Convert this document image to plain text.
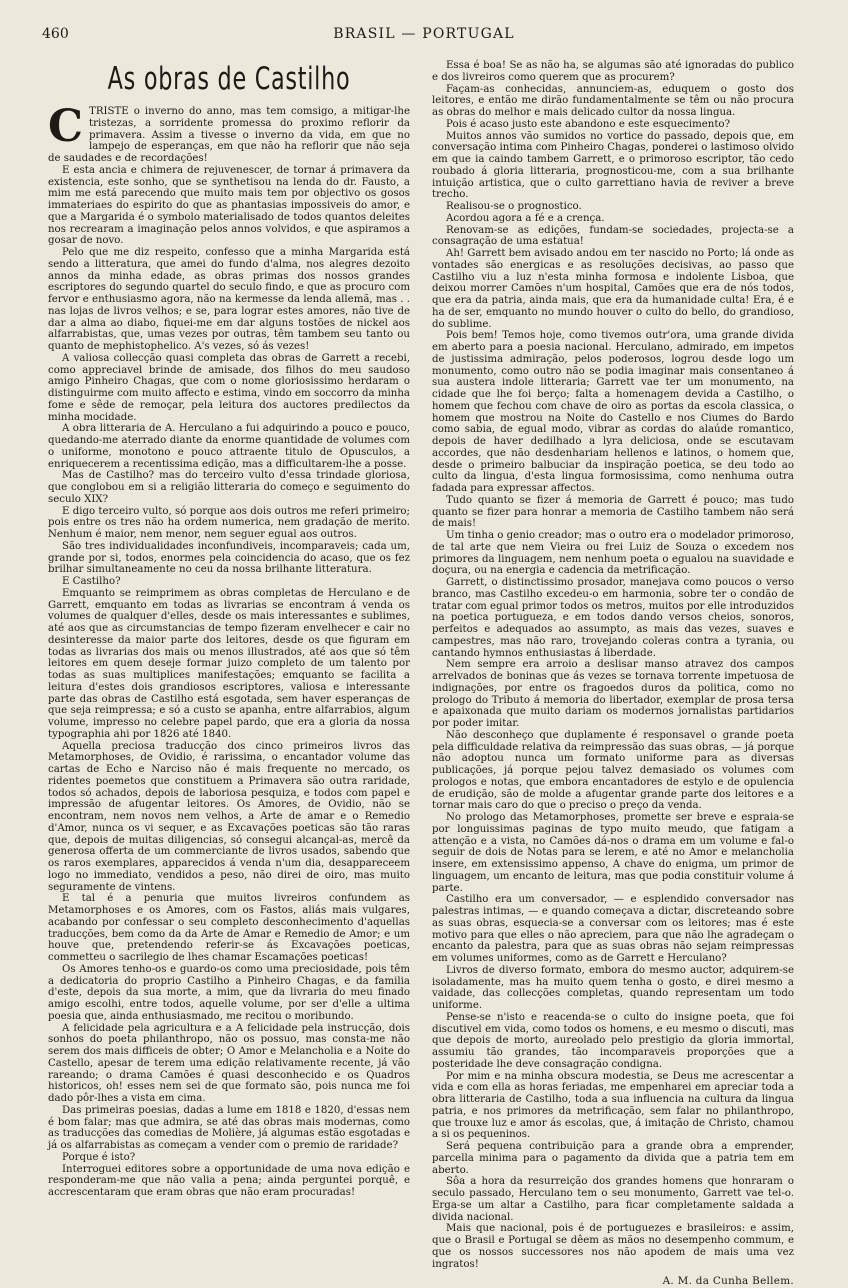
460	BRASIL — PORTUGAL
As obras de Castilho

CTRISTE o inverno do anno, mas tem comsigo, a mitigar-lhe tristezas, a sorridente promessa do proximo reflorir da primavera. Assim a tivesse o inverno da vida, em que no lampejo de esperanças, em que não ha reflorir que não seja de saudades e de recordações!

E esta ancia e chimera de rejuvenescer, de tornar á primavera da existencia, este sonho, que se synthetisou na lenda do dr. Fausto, a mim me está parecendo que muito mais tem por objectivo os gosos immateriaes do espirito do que as phantasias impossiveis do amor, e que a Margarida é o symbolo materialisado de todos quantos deleites nos recrearam a imaginação pelos annos volvidos, e que aspiramos a gosar de novo.

Pelo que me diz respeito, confesso que a minha Margarida está sendo a litteratura, que amei do fundo d'alma, nos alegres dezoito annos da minha edade, as obras primas dos nossos grandes escriptores do segundo quartel do seculo findo, e que as procuro com fervor e enthusiasmo agora, não na kermesse da lenda allemã, mas . . nas lojas de livros velhos; e se, para lograr estes amores, não tive de dar a alma ao diabo, fiquei-me em dar alguns tostões de nickel aos alfarrabistas, que, umas vezes por outras, têm tambem seu tanto ou quanto de mephistophelico. A's vezes, só ás vezes!

A valiosa collecção quasi completa das obras de Garrett a recebi, como appreciavel brinde de amisade, dos filhos do meu saudoso amigo Pinheiro Chagas, que com o nome gloriosissimo herdaram o distinguirme com muito affecto e estima, vindo em soccorro da minha fome e sêde de remoçar, pela leitura dos auctores predilectos da minha mocidade.

A obra litteraria de A. Herculano a fui adquirindo a pouco e pouco, quedando-me aterrado diante da enorme quantidade de volumes com o uniforme, monotono e pouco attraente titulo de Opusculos, a enriquecerem a recentissima edição, mas a difficultarem-lhe a posse.

Mas de Castilho? mas do terceiro vulto d'essa trindade gloriosa, que conglobou em si a religião litteraria do começo e seguimento do seculo XIX?

E digo terceiro vulto, só porque aos dois outros me referi primeiro; pois entre os tres não ha ordem numerica, nem gradação de merito. Nenhum é maior, nem menor, nem seguer egual aos outros.

São tres individualidades inconfundiveis, incomparaveis; cada um, grande por si, todos, enormes pela coincidencia do acaso, que os fez brilhar simultaneamente no ceu da nossa brilhante litteratura.

E Castilho?

Emquanto se reimprimem as obras completas de Herculano e de Garrett, emquanto em todas as livrarias se encontram á venda os volumes de qualquer d'elles, desde os mais interessantes e sublimes, até aos que as circumstancias de tempo fizeram envelhecer e cair no desinteresse da maior parte dos leitores, desde os que figuram em todas as livrarias dos mais ou menos illustrados, até aos que só têm leitores em quem deseje formar juizo completo de um talento por todas as suas multiplices manifestações; emquanto se facilita a leitura d'estes dois grandiosos escriptores, valiosa e interessante parte das obras de Castilho está esgotada, sem haver esperanças de que seja reimpressa; e só a custo se apanha, entre alfarrabios, algum volume, impresso no celebre papel pardo, que era a gloria da nossa typographia ahi por 1826 até 1840.

Aquella preciosa traducção dos cinco primeiros livros das Metamorphoses, de Ovidio, é rarissima, o encantador volume das cartas de Echo e Narciso não é mais frequente no mercado, os ridentes poemetos que constituem a Primavera são outra raridade, todos só achados, depois de laboriosa pesquiza, e todos com papel e impressão de afugentar leitores. Os Amores, de Ovidio, não se encontram, nem novos nem velhos, a Arte de amar e o Remedio d'Amor, nunca os vi sequer, e as Excavações poeticas são tão raras que, depois de muitas diligencias, só consegui alcançal-as, mercê da generosa offerta de um commerciante de livros usados, sabendo que os raros exemplares, apparecidos á venda n'um dia, desappareceem logo no immediato, vendidos a peso, não direi de oiro, mas muito seguramente de vintens.

E tal é a penuria que muitos livreiros confundem as Metamorphoses e os Amores, com os Fastos, aliás mais vulgares, acabando por confessar o seu completo desconhecimento d'aquellas traducções, bem como da da Arte de Amar e Remedio de Amor; e um houve que, pretendendo referir-se ás Excavações poeticas, commetteu o sacrilegio de lhes chamar Escamações poeticas!

Os Amores tenho-os e guardo-os como uma preciosidade, pois têm a dedicatoria do proprio Castilho a Pinheiro Chagas, e da familia d'este, depois da sua morte, a mim, que da livraria do meu finado amigo escolhi, entre todos, aquelle volume, por ser d'elle a ultima poesia que, ainda enthusiasmado, me recitou o moribundo.

A felicidade pela agricultura e a A felicidade pela instrucção, dois sonhos do poeta philanthropo, não os possuo, mas consta-me não serem dos mais difficeis de obter; O Amor e Melancholia e a Noite do Castello, apesar de terem uma edição relativamente recente, já vão rareando; o drama Camões é quasi desconhecido e os Quadros historicos, oh! esses nem sei de que formato são, pois nunca me foi dado pôr-lhes a vista em cima.

Das primeiras poesias, dadas a lume em 1818 e 1820, d'essas nem é bom falar; mas que admira, se até das obras mais modernas, como as traducções das comedias de Molière, já algumas estão esgotadas e já os alfarrabistas as começam a vender com o premio de raridade?

Porque é isto?

Interroguei editores sobre a opportunidade de uma nova edição e responderam-me que não valia a pena; ainda perguntei porquê, e accrescentaram que eram obras que não eram procuradas!

Essa é boa! Se as não ha, se algumas são até ignoradas do publico e dos livreiros como querem que as procurem?

Façam-as conhecidas, annunciem-as, eduquem o gosto dos leitores, e então me dirão fundamentalmente se têm ou não procura as obras do melhor e mais delicado cultor da nossa lingua.

Pois é acaso justo este abandono e este esquecimento?

Muitos annos vão sumidos no vortice do passado, depois que, em conversação intima com Pinheiro Chagas, ponderei o lastimoso olvido em que ia caindo tambem Garrett, e o primoroso escriptor, tão cedo roubado á gloria litteraria, prognosticou-me, com a sua brilhante intuição artistica, que o culto garrettiano havia de reviver a breve trecho.

Realisou-se o prognostico.

Acordou agora a fé e a crença.

Renovam-se as edições, fundam-se sociedades, projecta-se a consagração de uma estatua!

Ah! Garrett bem avisado andou em ter nascido no Porto; lá onde as vontades são energicas e as resoluções decisivas, ao passo que Castilho viu a luz n'esta minha formosa e indolente Lisboa, que deixou morrer Camões n'um hospital, Camões que era de nós todos, que era da patria, ainda mais, que era da humanidade culta! Era, é e ha de ser, emquanto no mundo houver o culto do bello, do grandioso, do sublime.

Pois bem! Temos hoje, como tivemos outr'ora, uma grande divida em aberto para a poesia nacional. Herculano, admirado, em impetos de justissima admiração, pelos poderosos, logrou desde logo um monumento, como outro não se podia imaginar mais consentaneo á sua austera indole litteraria; Garrett vae ter um monumento, na cidade que lhe foi berço; falta a homenagem devida a Castilho, o homem que fechou com chave de oiro as portas da escola classica, o homem que mostrou na Noite do Castello e nos Ciumes do Bardo como sabia, de egual modo, vibrar as cordas do alaúde romantico, depois de haver dedilhado a lyra deliciosa, onde se escutavam accordes, que não desdenhariam hellenos e latinos, o homem que, desde o primeiro balbuciar da inspiração poetica, se deu todo ao culto da lingua, d'esta lingua formosissima, como nenhuma outra fadada para expressar affectos.

Tudo quanto se fizer á memoria de Garrett é pouco; mas tudo quanto se fizer para honrar a memoria de Castilho tambem não será de mais!

Um tinha o genio creador; mas o outro era o modelador primoroso, de tal arte que nem Vieira ou frei Luiz de Souza o excedem nos primores da linguagem, nem nenhum poeta o egualou na suavidade e doçura, ou na energia e cadencia da metrificação.

Garrett, o distinctissimo prosador, manejava como poucos o verso branco, mas Castilho excedeu-o em harmonia, sobre ter o condão de tratar com egual primor todos os metros, muitos por elle introduzidos na poetica portugueza, e em todos dando versos cheios, sonoros, perfeitos e adequados ao assumpto, as mais das vezes, suaves e campestres, mas não raro, trovejando coleras contra a tyrania, ou cantando hymnos enthusiastas á liberdade.

Nem sempre era arroio a deslisar manso atravez dos campos arrelvados de boninas que ás vezes se tornava torrente impetuosa de indignações, por entre os fragoedos duros da politica, como no prologo do Tributo á memoria do libertador, exemplar de prosa tersa e apaixonada que muito dariam os modernos jornalistas partidarios por poder imitar.

Não desconheço que duplamente é responsavel o grande poeta pela difficuldade relativa da reimpressão das suas obras, — já porque não adoptou nunca um formato uniforme para as diversas publicações, já porque pejou talvez demasiado os volumes com prologos e notas, que embora encantadores de estylo e de opulencia de erudição, são de molde a afugentar grande parte dos leitores e a tornar mais caro do que o preciso o preço da venda.

No prologo das Metamorphoses, promette ser breve e espraia-se por longuissimas paginas de typo muito meudo, que fatigam a attenção e a vista, no Camões dá-nos o drama em um volume e fal-o seguir de dois de Notas para se lerem, e até no Amor e melancholia insere, em extensissimo appenso, A chave do enigma, um primor de linguagem, um encanto de leitura, mas que podia constituir volume á parte.

Castilho era um conversador, — e esplendido conversador nas palestras intimas, — e quando começava a dictar, discreteando sobre as suas obras, esquecia-se a conversar com os leitores; mas é este motivo para que elles o não apreciem, para que não lhe agradeçam o encanto da palestra, para que as suas obras não sejam reimpressas em volumes uniformes, como as de Garrett e Herculano?

Livros de diverso formato, embora do mesmo auctor, adquirem-se isoladamente, mas ha muito quem tenha o gosto, e direi mesmo a vaidade, das collecções completas, quando representam um todo uniforme.

Pense-se n'isto e reacenda-se o culto do insigne poeta, que foi discutivel em vida, como todos os homens, e eu mesmo o discuti, mas que depois de morto, aureolado pelo prestigio da gloria immortal, assumiu tão grandes, tão incomparaveis proporções que a posteridade lhe deve consagração condigna.

Por mim e na minha obscura modestia, se Deus me acrescentar a vida e com ella as horas feriadas, me empenharei em apreciar toda a obra litteraria de Castilho, toda a sua influencia na cultura da lingua patria, e nos primores da metrificação, sem falar no philanthropo, que trouxe luz e amor ás escolas, que, á imitação de Christo, chamou a si os pequeninos.

Será pequena contribuição para a grande obra a emprender, parcella minima para o pagamento da divida que a patria tem em aberto.

Sôa a hora da resurreição dos grandes homens que honraram o seculo passado, Herculano tem o seu monumento, Garrett vae tel-o. Erga-se um altar a Castilho, para ficar completamente saldada a divida nacional.

Mais que nacional, pois é de portuguezes e brasileiros: e assim, que o Brasil e Portugal se dêem as mãos no desempenho commum, e que os nossos successores nos não apodem de mais uma vez ingratos!

A. M. da Cunha Bellem.
